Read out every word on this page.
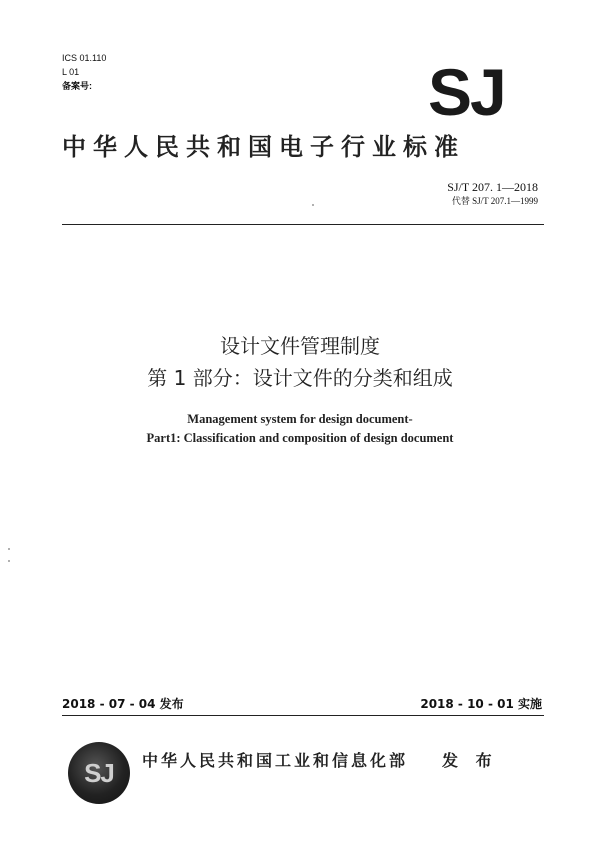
ICS 01.110
L 01
备案号:	SJ
中华人民共和国电子行业标准
SJ/T 207. 1—2018
代替 SJ/T 207.1—1999
设计文件管理制度
第 1 部分：设计文件的分类和组成
Management system for design document-
Part1: Classification and composition of design document
2018 - 07 - 04 发布	2018 - 10 - 01 实施
SJ 中华人民共和国工业和信息化部 发 布
